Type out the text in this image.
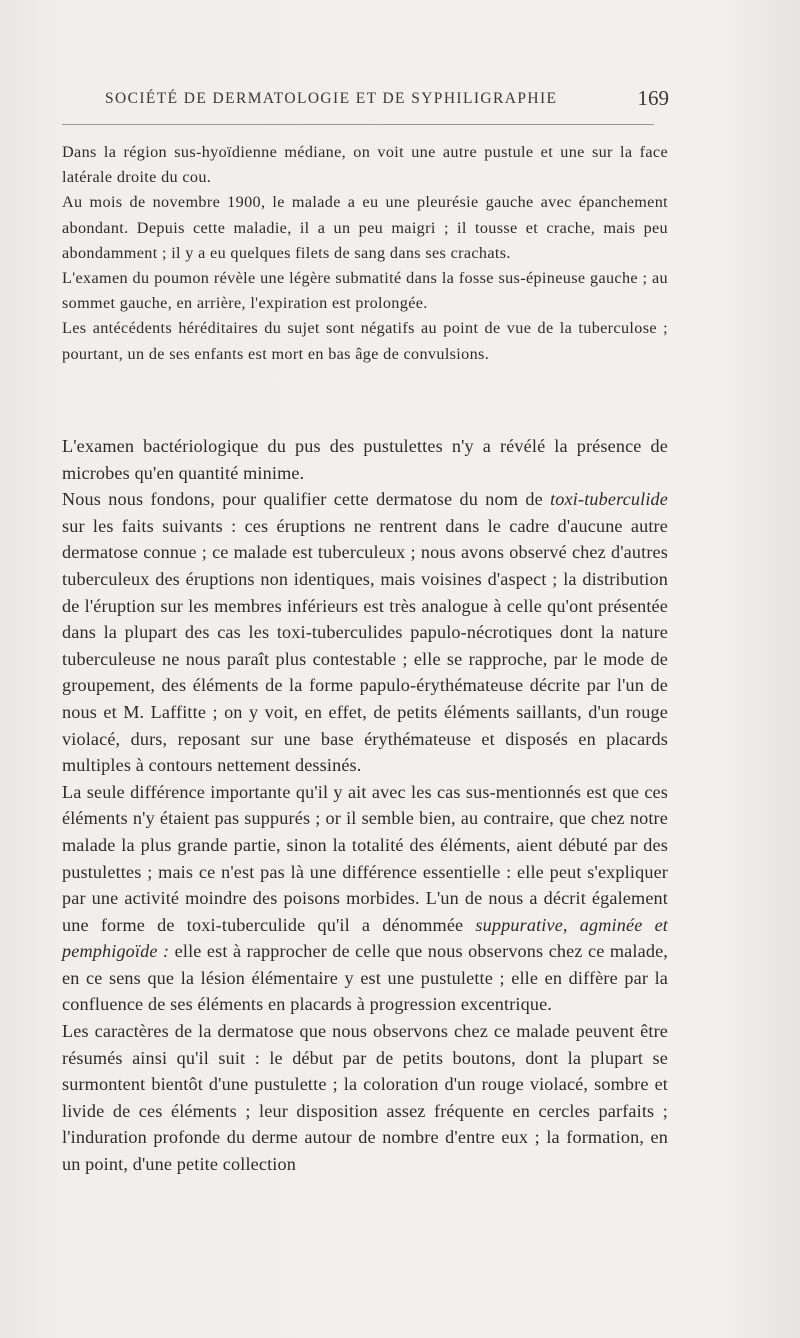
SOCIÉTÉ DE DERMATOLOGIE ET DE SYPHILIGRAPHIE	169

Dans la région sus-hyoïdienne médiane, on voit une autre pustule et une sur la face latérale droite du cou.

Au mois de novembre 1900, le malade a eu une pleurésie gauche avec épanchement abondant. Depuis cette maladie, il a un peu maigri ; il tousse et crache, mais peu abondamment ; il y a eu quelques filets de sang dans ses crachats.

L'examen du poumon révèle une légère submatité dans la fosse sus-épineuse gauche ; au sommet gauche, en arrière, l'expiration est prolongée.

Les antécédents héréditaires du sujet sont négatifs au point de vue de la tuberculose ; pourtant, un de ses enfants est mort en bas âge de convulsions.

L'examen bactériologique du pus des pustulettes n'y a révélé la présence de microbes qu'en quantité minime.

Nous nous fondons, pour qualifier cette dermatose du nom de toxi-tuberculide sur les faits suivants : ces éruptions ne rentrent dans le cadre d'aucune autre dermatose connue ; ce malade est tuberculeux ; nous avons observé chez d'autres tuberculeux des éruptions non identiques, mais voisines d'aspect ; la distribution de l'éruption sur les membres inférieurs est très analogue à celle qu'ont présentée dans la plupart des cas les toxi-tuberculides papulo-nécrotiques dont la nature tuberculeuse ne nous paraît plus contestable ; elle se rapproche, par le mode de groupement, des éléments de la forme papulo-érythémateuse décrite par l'un de nous et M. Laffitte ; on y voit, en effet, de petits éléments saillants, d'un rouge violacé, durs, reposant sur une base érythémateuse et disposés en placards multiples à contours nettement dessinés.

La seule différence importante qu'il y ait avec les cas sus-mentionnés est que ces éléments n'y étaient pas suppurés ; or il semble bien, au contraire, que chez notre malade la plus grande partie, sinon la totalité des éléments, aient débuté par des pustulettes ; mais ce n'est pas là une différence essentielle : elle peut s'expliquer par une activité moindre des poisons morbides. L'un de nous a décrit également une forme de toxi-tuberculide qu'il a dénommée suppurative, agminée et pemphigoïde : elle est à rapprocher de celle que nous observons chez ce malade, en ce sens que la lésion élémentaire y est une pustulette ; elle en diffère par la confluence de ses éléments en placards à progression excentrique.

Les caractères de la dermatose que nous observons chez ce malade peuvent être résumés ainsi qu'il suit : le début par de petits boutons, dont la plupart se surmontent bientôt d'une pustulette ; la coloration d'un rouge violacé, sombre et livide de ces éléments ; leur disposition assez fréquente en cercles parfaits ; l'induration profonde du derme autour de nombre d'entre eux ; la formation, en un point, d'une petite collection
